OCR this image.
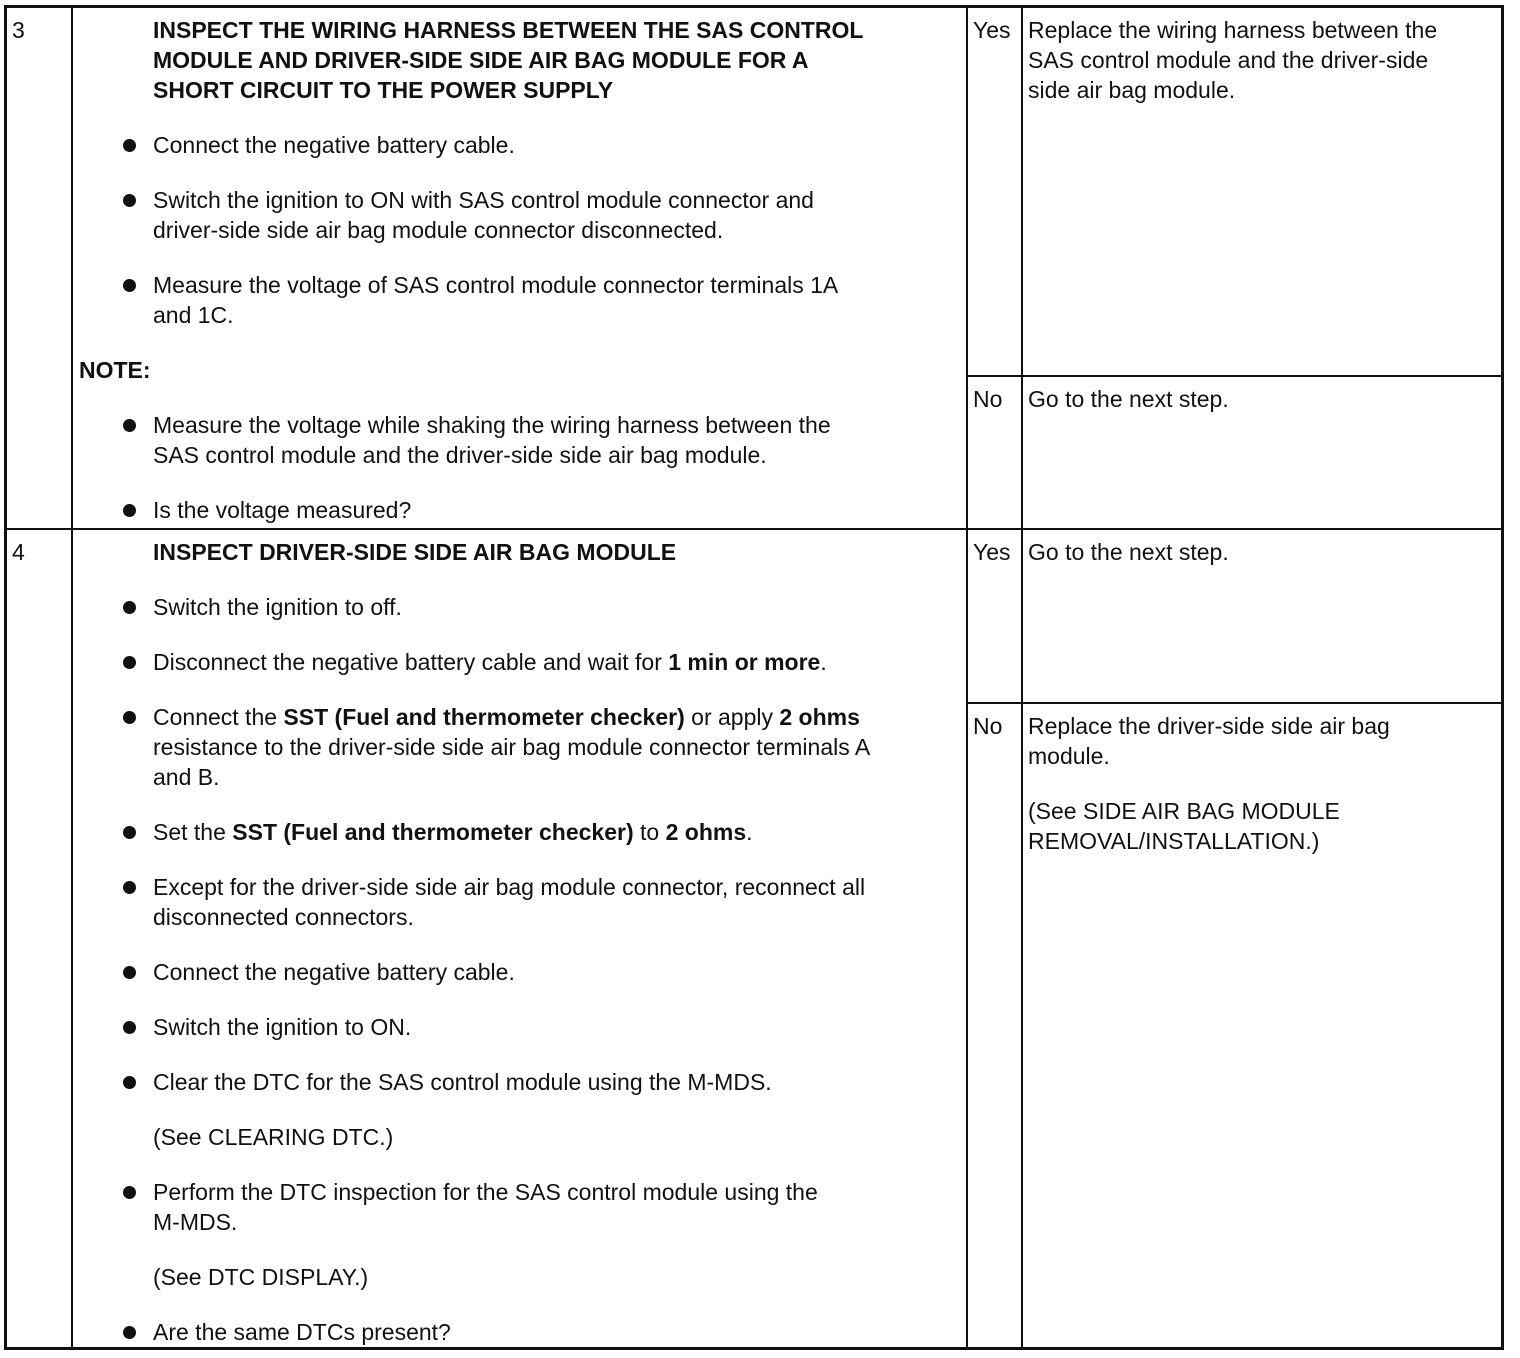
3	INSPECT THE WIRING HARNESS BETWEEN THE SAS CONTROL
MODULE AND DRIVER-SIDE SIDE AIR BAG MODULE FOR A
SHORT CIRCUIT TO THE POWER SUPPLY
Connect the negative battery cable.
Switch the ignition to ON with SAS control module connector and
driver-side side air bag module connector disconnected.
Measure the voltage of SAS control module connector terminals 1A
and 1C.
NOTE:
Measure the voltage while shaking the wiring harness between the
SAS control module and the driver-side side air bag module.
Is the voltage measured?
Yes Replace the wiring harness between the
SAS control module and the driver-side
side air bag module.
No Go to the next step.
4	INSPECT DRIVER-SIDE SIDE AIR BAG MODULE
Switch the ignition to off.
Disconnect the negative battery cable and wait for 1 min or more.
Connect the SST (Fuel and thermometer checker) or apply 2 ohms
resistance to the driver-side side air bag module connector terminals A
and B.
Set the SST (Fuel and thermometer checker) to 2 ohms.
Except for the driver-side side air bag module connector, reconnect all
disconnected connectors.
Connect the negative battery cable.
Switch the ignition to ON.
Clear the DTC for the SAS control module using the M-MDS.
(See CLEARING DTC.)
Perform the DTC inspection for the SAS control module using the
M-MDS.
(See DTC DISPLAY.)
Are the same DTCs present?
Yes Go to the next step.
No Replace the driver-side side air bag
module.
(See SIDE AIR BAG MODULE
REMOVAL/INSTALLATION.)
